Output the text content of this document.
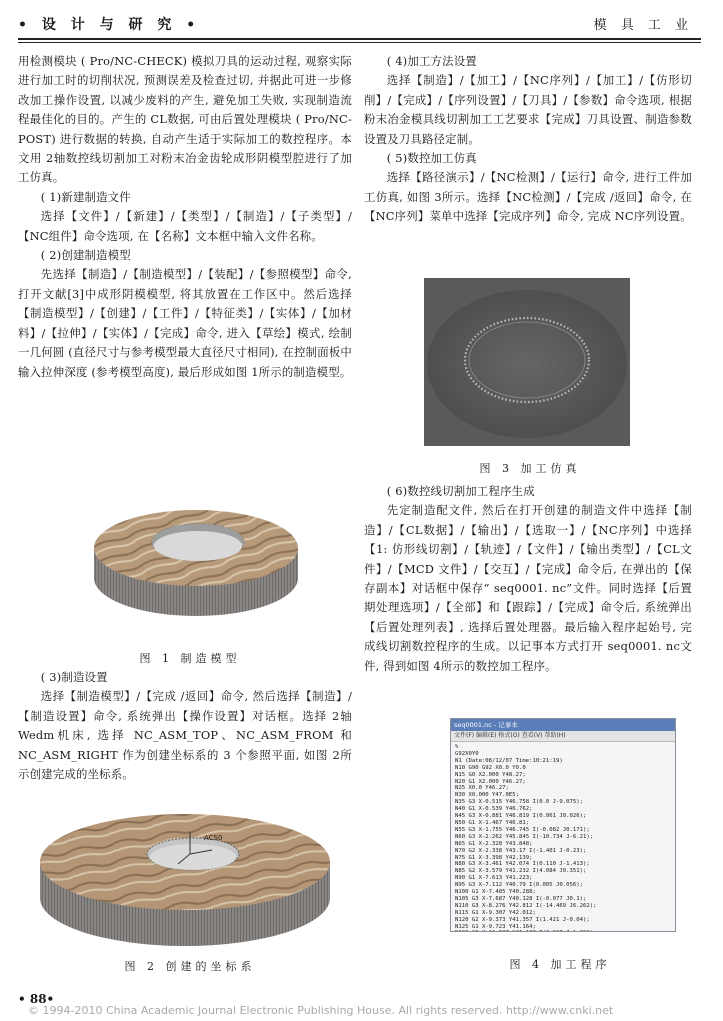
• 设 计 与 研 究 •	模 具 工 业

用检测模块 ( Pro/NC-CHECK) 模拟刀具的运动过程, 观察实际进行加工时的切削状况, 预测误差及检查过切, 并据此可进一步修改加工操作设置, 以减少废料的产生, 避免加工失败, 实现制造流程最佳化的目的。产生的 CL数据, 可由后置处理模块 ( Pro/NC-POST) 进行数据的转换, 自动产生适于实际加工的数控程序。本文用 2轴数控线切割加工对粉末冶金齿轮成形阴模型腔进行了加工仿真。

( 1)新建制造文件

选择【文件】/【新建】/【类型】/【制造】/【子类型】/【NC组件】命令选项, 在【名称】文本框中输入文件名称。

( 2)创建制造模型

先选择【制造】/【制造模型】/【装配】/【参照模型】命令, 打开文献[3]中成形阴模模型, 将其放置在工作区中。然后选择【制造模型】/【创建】/【工件】/【特征类】/【实体】/【加材料】/【拉伸】/【实体】/【完成】命令, 进入【草绘】模式, 绘制一几何圆 (直径尺寸与参考模型最大直径尺寸相同), 在控制面板中输入拉伸深度 (参考模型高度), 最后形成如图 1所示的制造模型。

图 1 制造模型

( 3)制造设置

选择【制造模型】/【完成 /返回】命令, 然后选择【制造】/【制造设置】命令, 系统弹出【操作设置】对话框。选择 2轴 Wedm机床, 选择 NC_ASM_TOP、NC_ASM_FROM 和 NC_ASM_RIGHT 作为创建坐标系的 3 个参照平面, 如图 2所示创建完成的坐标系。

ACS0
图 2 创建的坐标系

( 4)加工方法设置

选择【制造】/【加工】/【NC序列】/【加工】/【仿形切削】/【完成】/【序列设置】/【刀具】/【参数】命令选项, 根据粉末冶金模具线切割加工工艺要求【完成】刀具设置、制造参数设置及刀具路径定制。

( 5)数控加工仿真

选择【路径演示】/【NC检测】/【运行】命令, 进行工件加工仿真, 如图 3所示。选择【NC检测】/【完成 /返回】命令, 在【NC序列】菜单中选择【完成序列】命令, 完成 NC序列设置。

图 3 加工仿真

( 6)数控线切割加工程序生成

先定制造配文件, 然后在打开创建的制造文件中选择【制造】/【CL数据】/【输出】/【选取一】/【NC序列】中选择【1: 仿形线切割】/【轨迹】/【文件】/【输出类型】/【CL文件】/【MCD 文件】/【交互】/【完成】命令后, 在弹出的【保存副本】对话框中保存“ seq0001. nc”文件。同时选择【后置期处理选项】/【全部】和【跟踪】/【完成】命令后, 系统弹出【后置处理列表】, 选择后置处理器。最后输入程序起始号, 完成线切割数控程序的生成。以记事本方式打开 seq0001. nc文件, 得到如图 4所示的数控加工程序。

seq0001.nc - 记事本
文件(F) 编辑(E) 格式(O) 查看(V) 帮助(H)
%
G92X0Y0
N1 (Date:08/12/07 Time:10:21:19)
N10 G90 G92 X0.0 Y0.0
N15 G0 X2.000 Y48.27;
N20 G1 X2.000 Y46.27;
N25 X0.0 Y46.27;
N30 X0.000 Y47.0E5;
N35 G3 X-0.515 Y46.758 I(0.0 J-9.075);
N40 G1 X-0.539 Y46.762;
N45 G3 X-0.881 Y46.819 I(0.061 J0.026);
N50 G1 X-1.467 Y46.81;
N55 G3 X-1.755 Y46.745 I(-0.082 J0.171);
N60 G3 X-2.262 Y45.845 I(-10.734 J-6.21);
N65 G1 X-2.328 Y43.848;
N70 G2 X-2.338 Y43.17 I(-1.401 J-0.23);
N75 G1 X-3.398 Y42.139;
N80 G3 X-3.461 Y42.074 I(0.110 J-1.413);
N85 G2 X-3.579 Y41.232 I(4.084 J0.351);
N90 G1 X-7.613 Y41.223;
N95 G3 X-7.112 Y40.79 I(0.005 J0.056);
N100 G1 X-7.485 Y40.288;
N105 G3 X-7.687 Y40.128 I(-0.077 J0.1);
N110 G3 X-8.276 Y42.812 I(-14.469 J6.262);
N115 G1 X-9.307 Y42.012;
N120 G2 X-9.373 Y41.357 I(1.421 J-0.04);
N125 G1 X-9.723 Y41.164;
图 4 加工程序
• 88•
© 1994-2010 China Academic Journal Electronic Publishing House. All rights reserved. http://www.cnki.net
